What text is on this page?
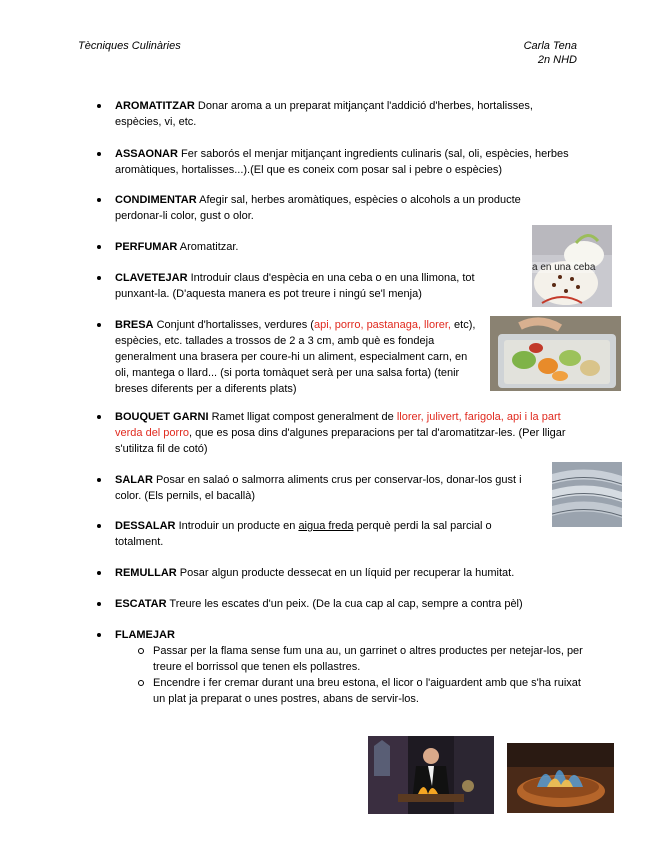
Tècniques Culinàries	Carla Tena
2n NHD
AROMATITZAR Donar aroma a un preparat mitjançant l'addició d'herbes, hortalisses, espècies, vi, etc.
ASSAONAR Fer saborós el menjar mitjançant ingredients culinaris (sal, oli, espècies, herbes aromàtiques, hortalisses...).(El que es coneix com posar sal i pebre o espècies)
CONDIMENTAR Afegir sal, herbes aromàtiques, espècies o alcohols a un producte perdonar-li color, gust o olor.
PERFUMAR Aromatitzar.
CLAVETEJAR Introduir claus d'espècia en una ceba o en una llimona, tot punxant-la. (D'aquesta manera es pot treure i ningú se'l menja)
BRESA Conjunt d'hortalisses, verdures (api, porro, pastanaga, llorer, etc), espècies, etc. tallades a trossos de 2 a 3 cm, amb què es fondeja generalment una brasera per coure-hi un aliment, especialment carn, en oli, mantega o llard... (si porta tomàquet serà per una salsa forta) (tenir breses diferents per a diferents plats)
BOUQUET GARNI Ramet lligat compost generalment de llorer, julivert, farigola, api i la part verda del porro, que es posa dins d'algunes preparacions per tal d'aromatitzar-les. (Per lligar s'utilitza fil de cotó)
SALAR Posar en salaó o salmorra aliments crus per conservar-los, donar-los gust i color. (Els pernils, el bacallà)
DESSALAR Introduir un producte en aigua freda perquè perdi la sal parcial o totalment.
REMULLAR Posar algun producte dessecat en un líquid per recuperar la humitat.
ESCATAR Treure les escates d'un peix. (De la cua cap al cap, sempre a contra pèl)
FLAMEJAR
Passar per la flama sense fum una au, un garrinet o altres productes per netejar-los, per treure el borrissol que tenen els pollastres.
Encendre i fer cremar durant una breu estona, el licor o l'aiguardent amb que s'ha ruixat un plat ja preparat o unes postres, abans de servir-los.
a en una ceba
